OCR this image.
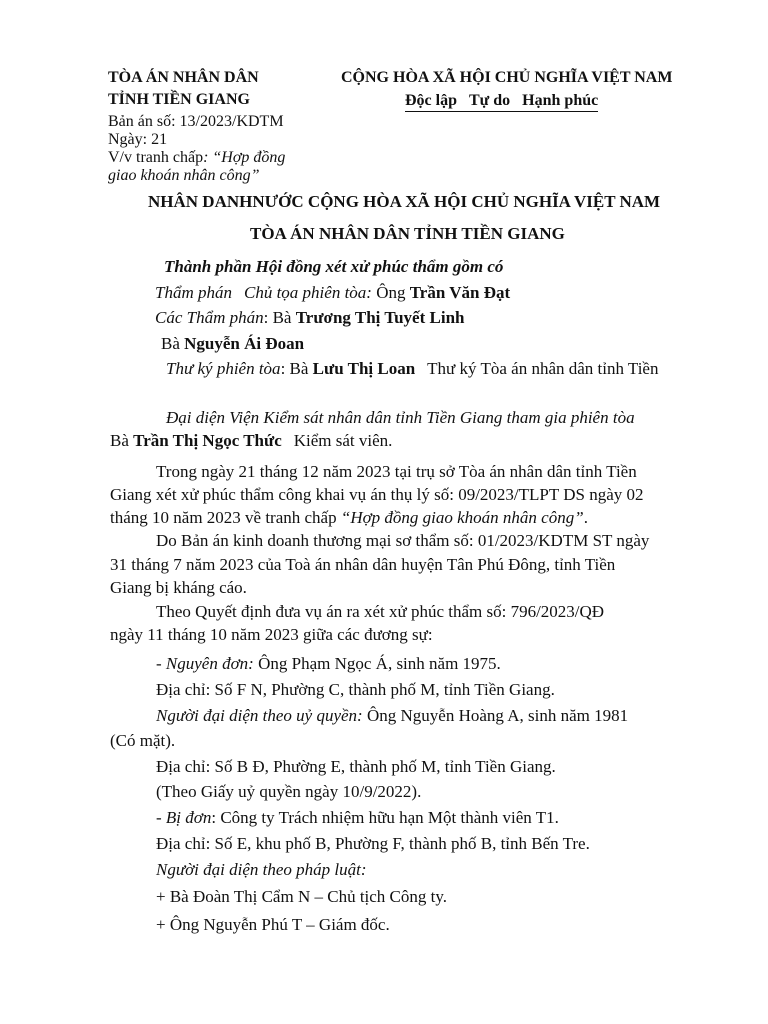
TÒA ÁN NHÂN DÂN
TỈNH TIỀN GIANG
Bản án số: 13/2023/KDTM
Ngày: 21
V/v tranh chấp: “Hợp đồng
giao khoán nhân công”
CỘNG HÒA XÃ HỘI CHỦ NGHĨA VIỆT NAM
Độc lập Tự do Hạnh phúc
NHÂN DANHNƯỚC CỘNG HÒA XÃ HỘI CHỦ NGHĨA VIỆT NAM
TÒA ÁN NHÂN DÂN TỈNH TIỀN GIANG
Thành phần Hội đồng xét xử phúc thẩm gồm có
Thẩm phán Chủ tọa phiên tòa: Ông Trần Văn Đạt
Các Thẩm phán: Bà Trương Thị Tuyết Linh
Bà Nguyễn Ái Đoan
Thư ký phiên tòa: Bà Lưu Thị Loan Thư ký Tòa án nhân dân tỉnh Tiền
Đại diện Viện Kiểm sát nhân dân tỉnh Tiền Giang tham gia phiên tòa
Bà Trần Thị Ngọc Thức Kiểm sát viên.
Trong ngày 21 tháng 12 năm 2023 tại trụ sở Tòa án nhân dân tỉnh Tiền
Giang xét xử phúc thẩm công khai vụ án thụ lý số: 09/2023/TLPT DS ngày 02
tháng 10 năm 2023 về tranh chấp “Hợp đồng giao khoán nhân công”.
Do Bản án kinh doanh thương mại sơ thẩm số: 01/2023/KDTM ST ngày
31 tháng 7 năm 2023 của Toà án nhân dân huyện Tân Phú Đông, tỉnh Tiền
Giang bị kháng cáo.
Theo Quyết định đưa vụ án ra xét xử phúc thẩm số: 796/2023/QĐ
ngày 11 tháng 10 năm 2023 giữa các đương sự:
- Nguyên đơn: Ông Phạm Ngọc Á, sinh năm 1975.
Địa chỉ: Số F N, Phường C, thành phố M, tỉnh Tiền Giang.
Người đại diện theo uỷ quyền: Ông Nguyễn Hoàng A, sinh năm 1981
(Có mặt).
Địa chỉ: Số B Đ, Phường E, thành phố M, tỉnh Tiền Giang.
(Theo Giấy uỷ quyền ngày 10/9/2022).
- Bị đơn: Công ty Trách nhiệm hữu hạn Một thành viên T1.
Địa chỉ: Số E, khu phố B, Phường F, thành phố B, tỉnh Bến Tre.
Người đại diện theo pháp luật:
+ Bà Đoàn Thị Cẩm N – Chủ tịch Công ty.
+ Ông Nguyễn Phú T – Giám đốc.
